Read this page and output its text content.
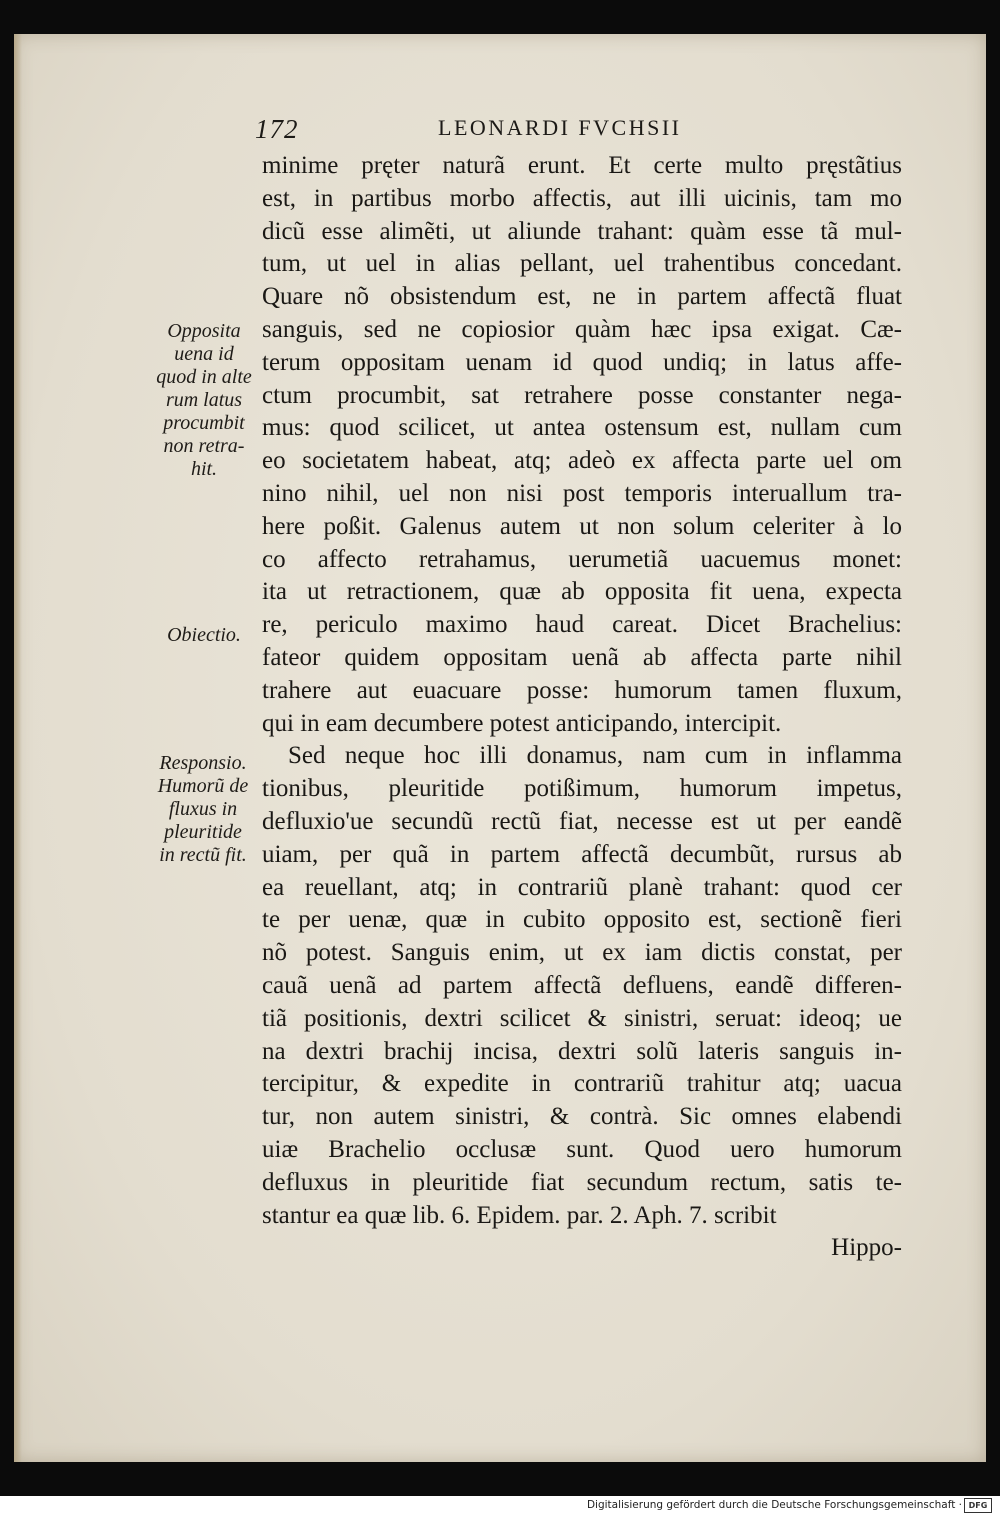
172	LEONARDI FVCHSII
minime pręter naturã erunt. Et certe multo pręstãtius
est, in partibus morbo affectis, aut illi uicinis, tam mo
dicũ esse alimẽti, ut aliunde trahant: quàm esse tã mul-
tum, ut uel in alias pellant, uel trahentibus concedant.
Quare nõ obsistendum est, ne in partem affectã fluat
sanguis, sed ne copiosior quàm hæc ipsa exigat. Cæ-
terum oppositam uenam id quod undiq; in latus affe-
ctum procumbit, sat retrahere posse constanter nega-
mus: quod scilicet, ut antea ostensum est, nullam cum
eo societatem habeat, atq; adeò ex affecta parte uel om
nino nihil, uel non nisi post temporis interuallum tra-
here poßit. Galenus autem ut non solum celeriter à lo
co affecto retrahamus, uerumetiã uacuemus monet:
ita ut retractionem, quæ ab opposita fit uena, expecta
re, periculo maximo haud careat. Dicet Brachelius:
fateor quidem oppositam uenã ab affecta parte nihil
trahere aut euacuare posse: humorum tamen fluxum,
qui in eam decumbere potest anticipando, intercipit.
Sed neque hoc illi donamus, nam cum in inflamma
tionibus, pleuritide potißimum, humorum impetus,
defluxio'ue secundũ rectũ fiat, necesse est ut per eandẽ
uiam, per quã in partem affectã decumbũt, rursus ab
ea reuellant, atq; in contrariũ planè trahant: quod cer
te per uenæ, quæ in cubito opposito est, sectionẽ fieri
nõ potest. Sanguis enim, ut ex iam dictis constat, per
cauã uenã ad partem affectã defluens, eandẽ differen-
tiã positionis, dextri scilicet & sinistri, seruat: ideoq; ue
na dextri brachij incisa, dextri solũ lateris sanguis in-
tercipitur, & expedite in contrariũ trahitur atq; uacua
tur, non autem sinistri, & contrà. Sic omnes elabendi
uiæ Brachelio occlusæ sunt. Quod uero humorum
defluxus in pleuritide fiat secundum rectum, satis te-
stantur ea quæ lib. 6. Epidem. par. 2. Aph. 7. scribit
Hippo-
Opposita
uena id
quod in alte
rum latus
procumbit
non retra-
hit.
Obiectio.
Responsio.
Humorũ de
fluxus in
pleuritide
in rectũ fit.
Digitalisierung gefördert durch die Deutsche Forschungsgemeinschaft · DFG
